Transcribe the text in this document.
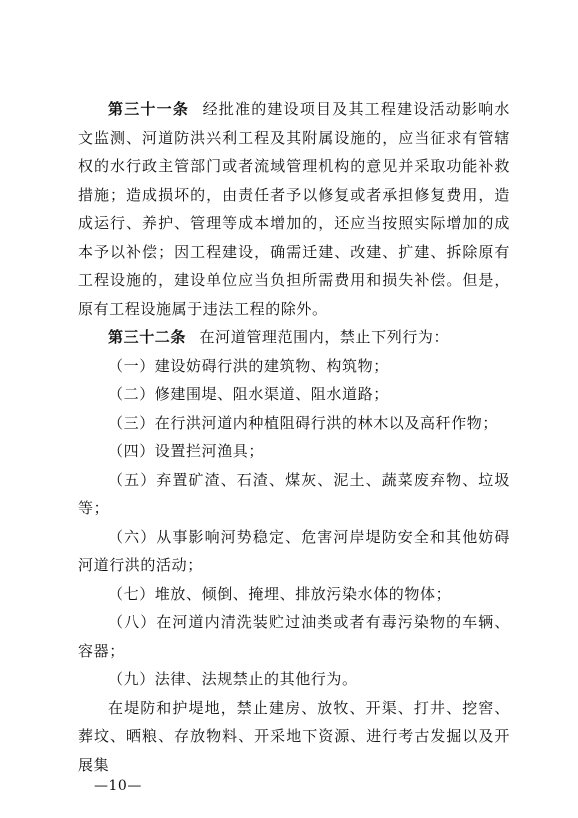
第三十一条 经批准的建设项目及其工程建设活动影响水文监测、河道防洪兴利工程及其附属设施的，应当征求有管辖权的水行政主管部门或者流域管理机构的意见并采取功能补救措施；造成损坏的，由责任者予以修复或者承担修复费用，造成运行、养护、管理等成本增加的，还应当按照实际增加的成本予以补偿；因工程建设，确需迁建、改建、扩建、拆除原有工程设施的，建设单位应当负担所需费用和损失补偿。但是，原有工程设施属于违法工程的除外。

第三十二条 在河道管理范围内，禁止下列行为：

（一）建设妨碍行洪的建筑物、构筑物；

（二）修建围堤、阻水渠道、阻水道路；

（三）在行洪河道内种植阻碍行洪的林木以及高秆作物；

（四）设置拦河渔具；

（五）弃置矿渣、石渣、煤灰、泥土、蔬菜废弃物、垃圾等；

（六）从事影响河势稳定、危害河岸堤防安全和其他妨碍河道行洪的活动；

（七）堆放、倾倒、掩埋、排放污染水体的物体；

（八）在河道内清洗装贮过油类或者有毒污染物的车辆、容器；

（九）法律、法规禁止的其他行为。

在堤防和护堤地，禁止建房、放牧、开渠、打井、挖窖、葬坟、晒粮、存放物料、开采地下资源、进行考古发掘以及开展集

—10—
